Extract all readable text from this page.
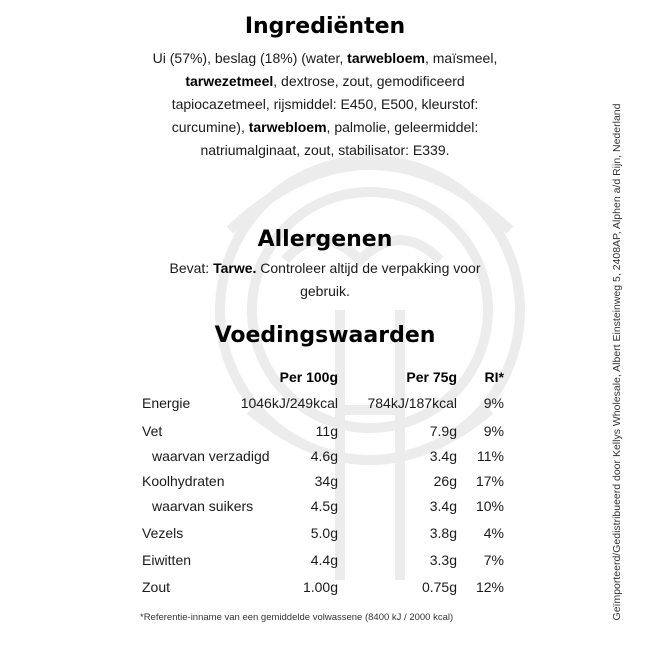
Ingrediënten

Ui (57%), beslag (18%) (water, tarwebloem, maïsmeel, tarwezetmeel, dextrose, zout, gemodificeerd tapiocazetmeel, rijsmiddel: E450, E500, kleurstof: curcumine), tarwebloem, palmolie, geleermiddel: natriumalginaat, zout, stabilisator: E339.

Allergenen

Bevat: Tarwe. Controleer altijd de verpakking voor gebruik.

Voedingswaarden
Per 100g	Per 75g RI*
Energie	1046kJ/249kcal 784kJ/187kcal 9%
Vet	11g	7.9g 9%
waarvan verzadigd	4.6g	3.4g 11%
Koolhydraten	34g	26g 17%
waarvan suikers	4.5g	3.4g 10%
Vezels	5.0g	3.8g 4%
Eiwitten	4.4g	3.3g 7%
Zout	1.00g	0.75g 12%
*Referentie-inname van een gemiddelde volwassene (8400 kJ / 2000 kcal)	Geïmporteerd/Gedistribueerd door Kellys Wholesale, Albert Einsteinweg 5, 2408AP, Alphen a/d Rijn, Nederland
